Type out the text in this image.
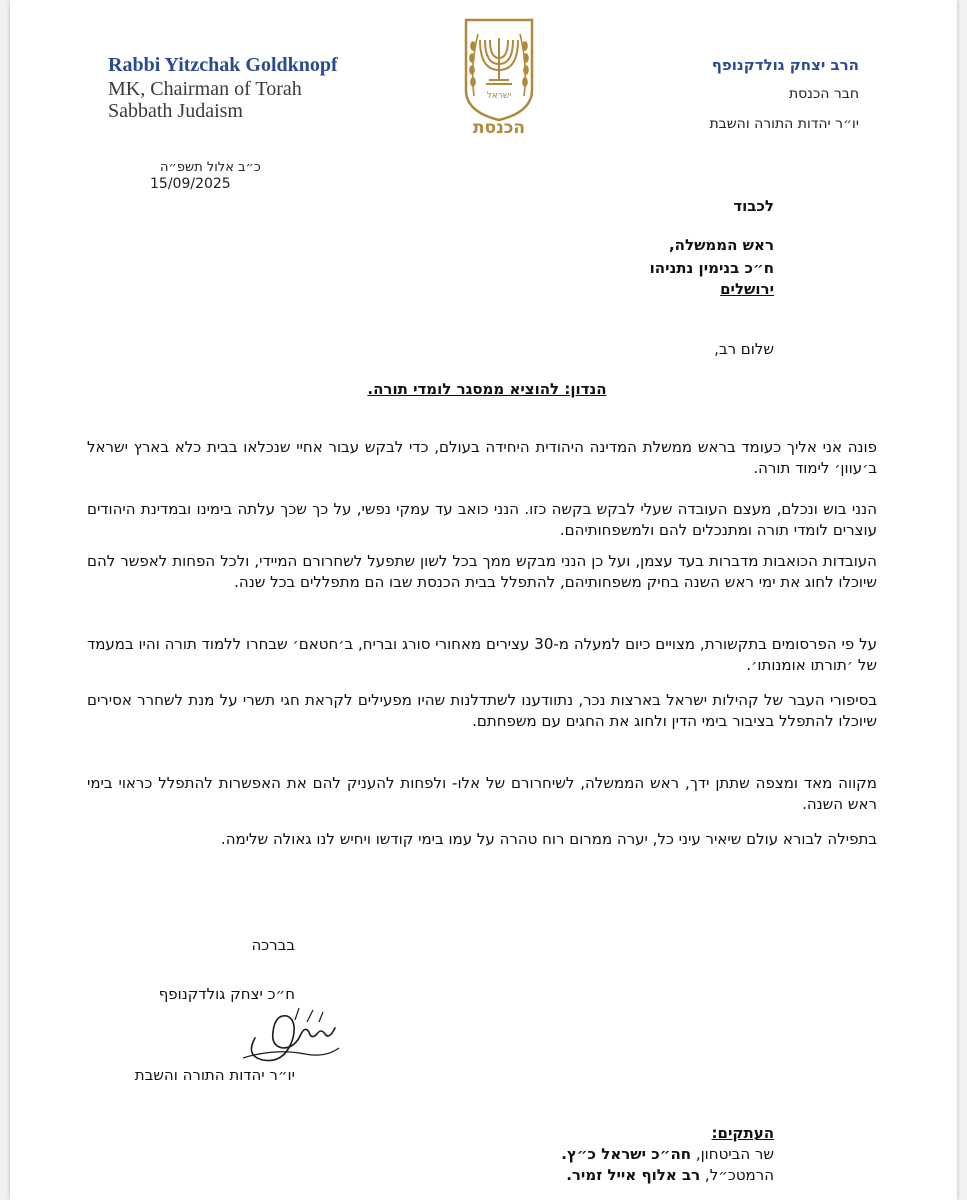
Rabbi Yitzchak Goldknopf
MK, Chairman of Torah
Sabbath Judaism
ישראל
הכנסת
הרב יצחק גולדקנופף
חבר הכנסת
יו״ר יהדות התורה והשבת
כ״ב אלול תשפ״ה
15/09/2025
לכבוד
ראש הממשלה,
ח״כ בנימין נתניהו
ירושלים
שלום רב,
הנדון: להוציא ממסגר לומדי תורה.
פונה אני אליך כעומד בראש ממשלת המדינה היהודית היחידה בעולם, כדי לבקש עבור אחיי שנכלאו בבית כלא בארץ ישראל ב׳עוון׳ לימוד תורה.
הנני בוש ונכלם, מעצם העובדה שעלי לבקש בקשה כזו. הנני כואב עד עמקי נפשי, על כך שכך עלתה בימינו ובמדינת היהודים עוצרים לומדי תורה ומתנכלים להם ולמשפחותיהם.
העובדות הכואבות מדברות בעד עצמן, ועל כן הנני מבקש ממך בכל לשון שתפעל לשחרורם המיידי, ולכל הפחות לאפשר להם שיוכלו לחוג את ימי ראש השנה בחיק משפחותיהם, להתפלל בבית הכנסת שבו הם מתפללים בכל שנה.
על פי הפרסומים בתקשורת, מצויים כיום למעלה מ-30 עצירים מאחורי סורג ובריח, ב׳חטאם׳ שבחרו ללמוד תורה והיו במעמד של ׳תורתו אומנותו׳.
בסיפורי העבר של קהילות ישראל בארצות נכר, נתוודענו לשתדלנות שהיו מפעילים לקראת חגי תשרי על מנת לשחרר אסירים שיוכלו להתפלל בציבור בימי הדין ולחוג את החגים עם משפחתם.
מקווה מאד ומצפה שתתן ידך, ראש הממשלה, לשיחרורם של אלו- ולפחות להעניק להם את האפשרות להתפלל כראוי בימי ראש השנה.
בתפילה לבורא עולם שיאיר עיני כל, יערה ממרום רוח טהרה על עמו בימי קודשו ויחיש לנו גאולה שלימה.
בברכה
ח״כ יצחק גולדקנופף
יו״ר יהדות התורה והשבת
העתקים:
שר הביטחון, חה״כ ישראל כ״ץ.
הרמטכ״ל, רב אלוף אייל זמיר.
